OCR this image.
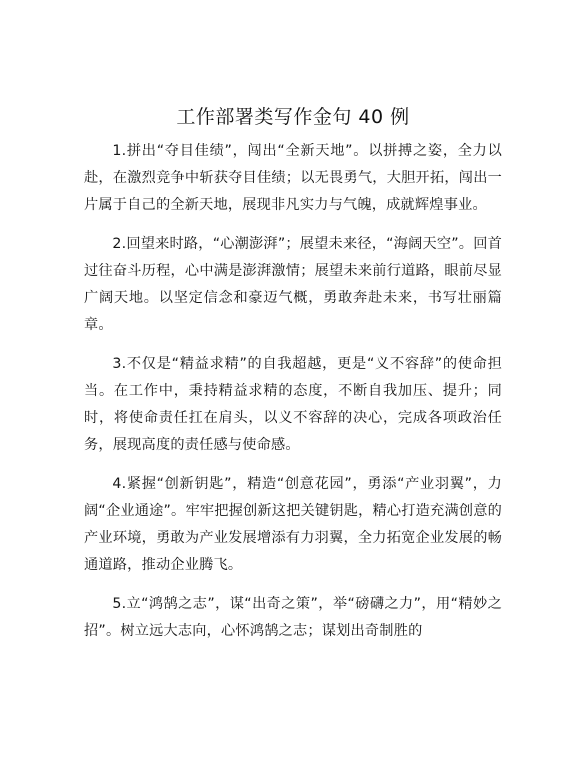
工作部署类写作金句 40 例

1.拼出“夺目佳绩”，闯出“全新天地”。以拼搏之姿，全力以赴，在激烈竞争中斩获夺目佳绩；以无畏勇气，大胆开拓，闯出一片属于自己的全新天地，展现非凡实力与气魄，成就辉煌事业。

2.回望来时路，“心潮澎湃”；展望未来径，“海阔天空”。回首过往奋斗历程，心中满是澎湃激情；展望未来前行道路，眼前尽显广阔天地。以坚定信念和豪迈气概，勇敢奔赴未来，书写壮丽篇章。

3.不仅是“精益求精”的自我超越，更是“义不容辞”的使命担当。在工作中，秉持精益求精的态度，不断自我加压、提升；同时，将使命责任扛在肩头，以义不容辞的决心，完成各项政治任务，展现高度的责任感与使命感。

4.紧握“创新钥匙”，精造“创意花园”，勇添“产业羽翼”，力阔“企业通途”。牢牢把握创新这把关键钥匙，精心打造充满创意的产业环境，勇敢为产业发展增添有力羽翼，全力拓宽企业发展的畅通道路，推动企业腾飞。

5.立“鸿鹄之志”，谋“出奇之策”，举“磅礴之力”，用“精妙之招”。树立远大志向，心怀鸿鹄之志；谋划出奇制胜的
